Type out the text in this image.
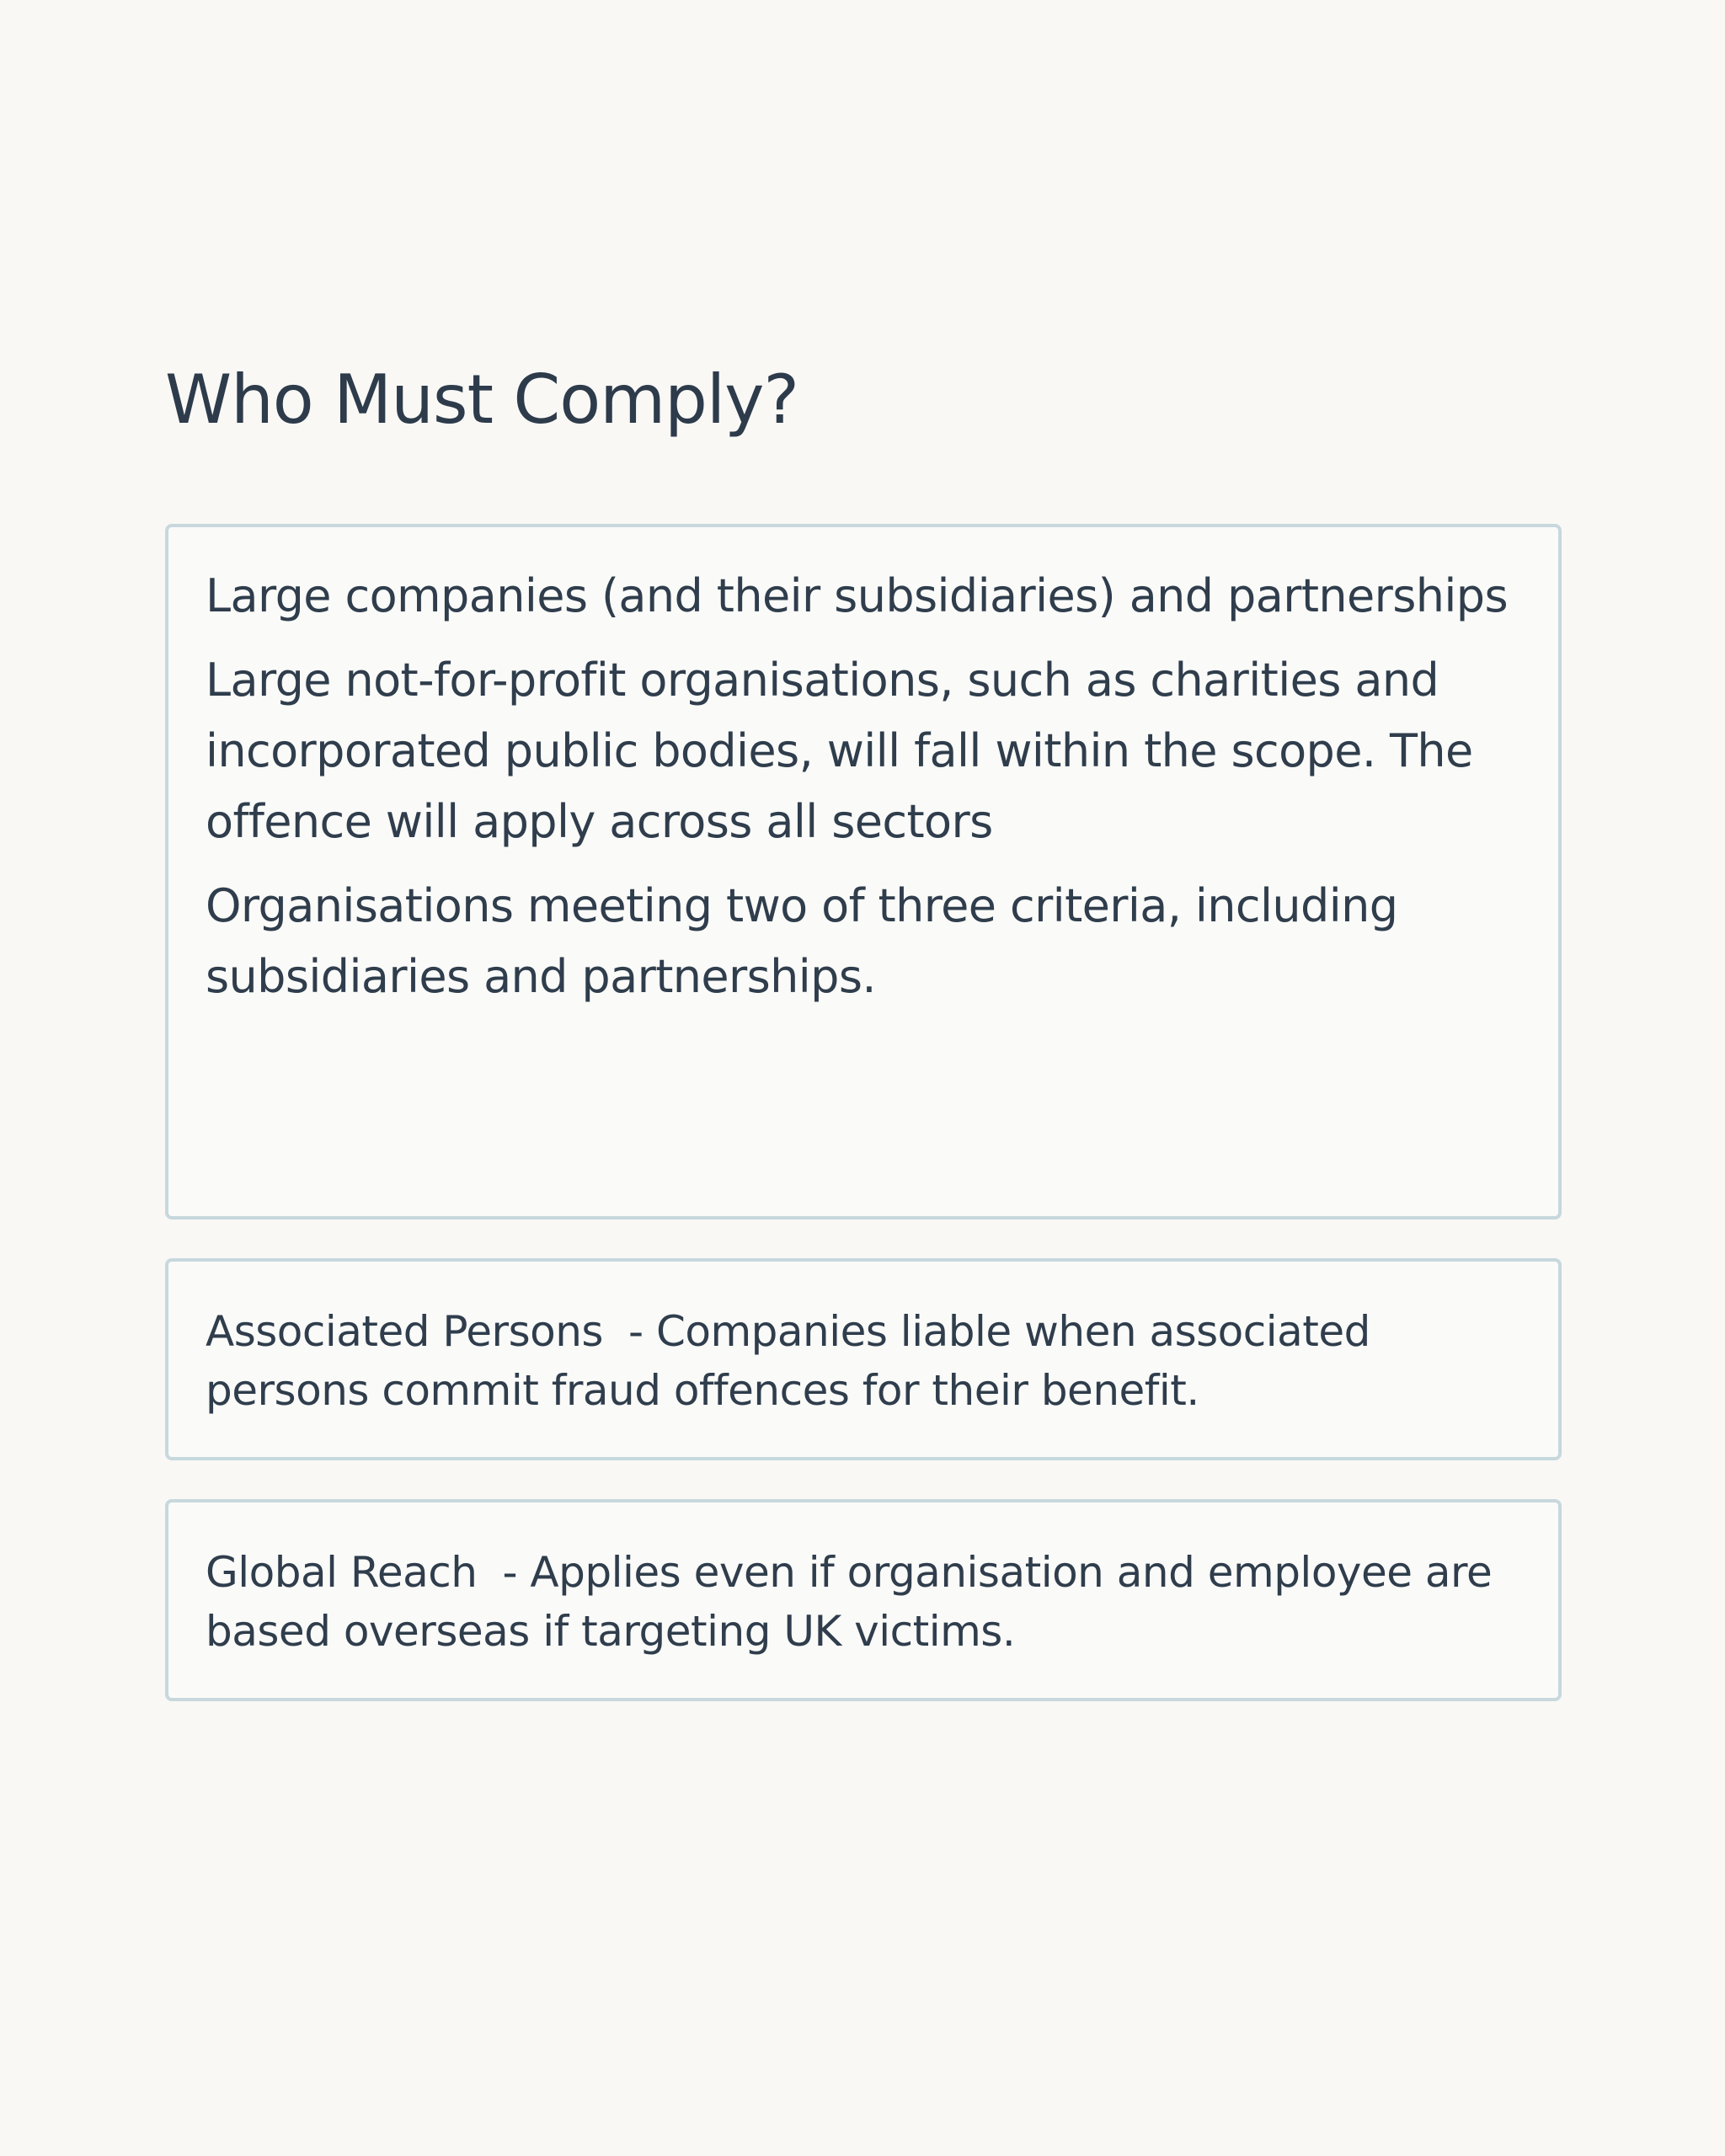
Who Must Comply?

Large companies (and their subsidiaries) and partnerships

Large not-for-profit organisations, such as charities and incorporated public bodies, will fall within the scope. The offence will apply across all sectors

Organisations meeting two of three criteria, including subsidiaries and partnerships.

Associated Persons - Companies liable when associated persons commit fraud offences for their benefit.

Global Reach - Applies even if organisation and employee are based overseas if targeting UK victims.
